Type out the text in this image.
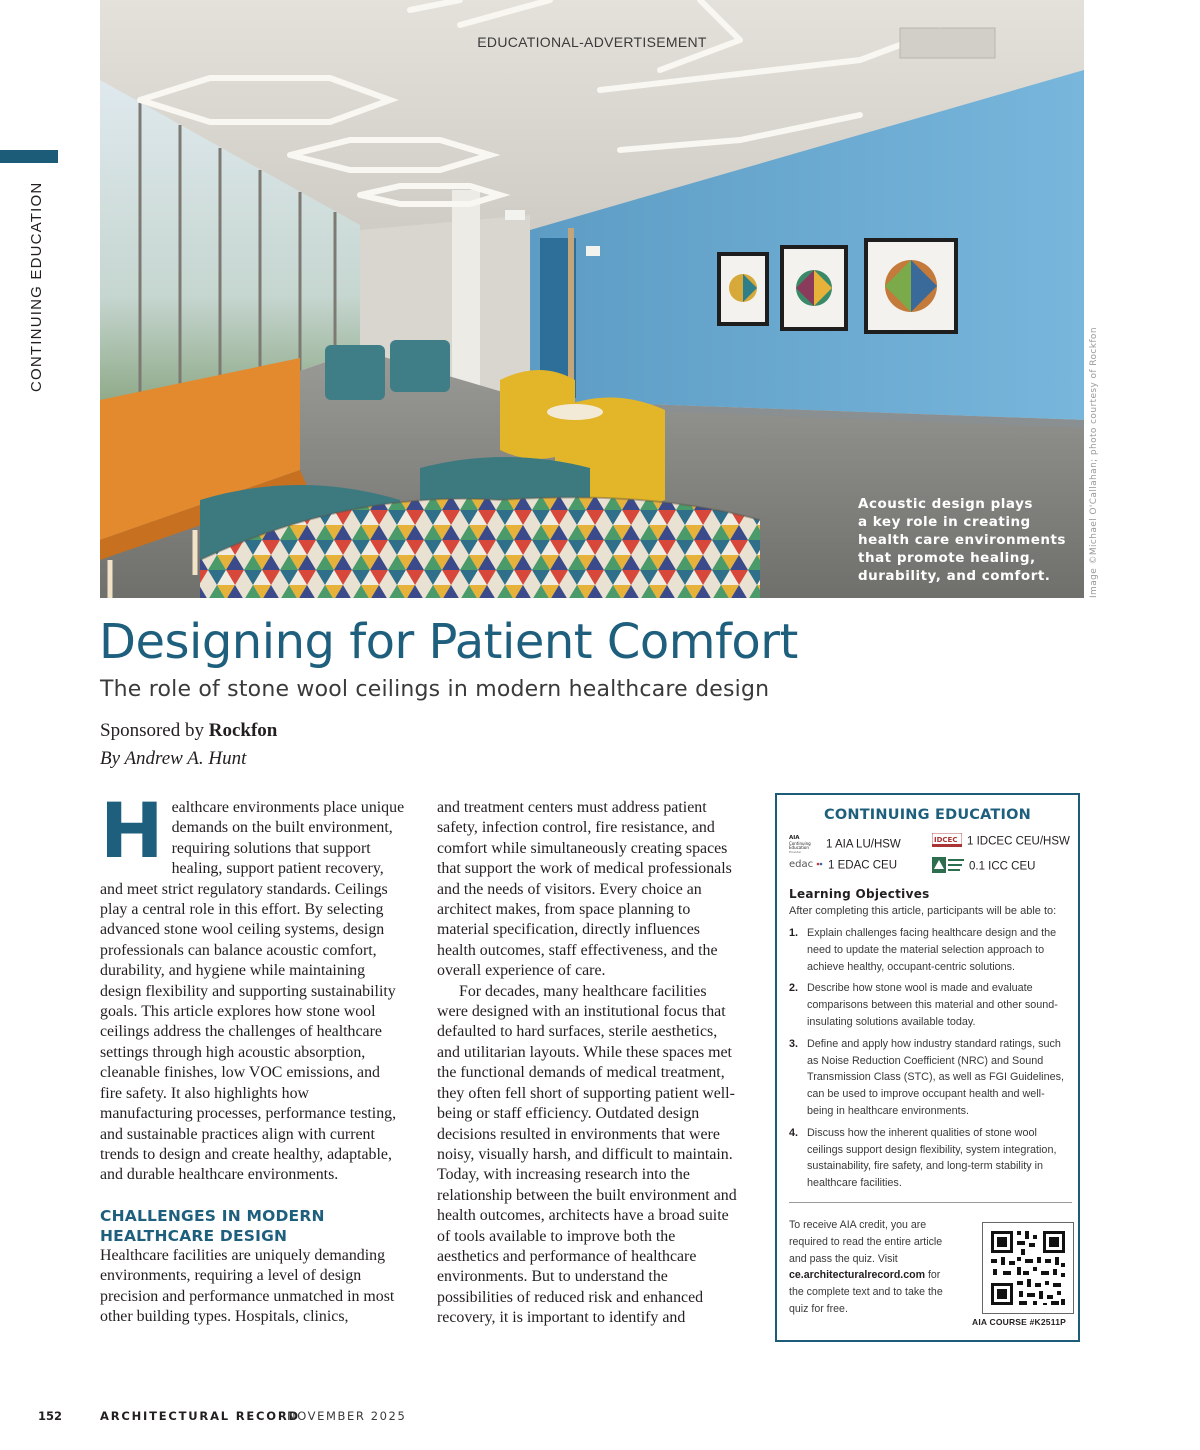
CONTINUING EDUCATION
EDUCATIONAL-ADVERTISEMENT
Acoustic design plays
a key role in creating
health care environments
that promote healing,
durability, and comfort.	Image ©Michael O'Callahan; photo courtesy of Rockfon
Designing for Patient Comfort
The role of stone wool ceilings in modern healthcare design
Sponsored by Rockfon
By Andrew A. Hunt

Healthcare environments place unique demands on the built environment, requiring solutions that support healing, support patient recovery, and meet strict regulatory standards. Ceilings play a central role in this effort. By selecting advanced stone wool ceiling systems, design professionals can balance acoustic comfort, durability, and hygiene while maintaining design flexibility and supporting sustainability goals. This article explores how stone wool ceilings address the challenges of healthcare settings through high acoustic absorption, cleanable finishes, low VOC emissions, and fire safety. It also highlights how manufacturing processes, performance testing, and sustainable practices align with current trends to design and create healthy, adaptable, and durable healthcare environments.

CHALLENGES IN MODERN HEALTHCARE DESIGN

Healthcare facilities are uniquely demanding environments, requiring a level of design precision and performance unmatched in most other building types. Hospitals, clinics,

and treatment centers must address patient safety, infection control, fire resistance, and comfort while simultaneously creating spaces that support the work of medical professionals and the needs of visitors. Every choice an architect makes, from space planning to material specification, directly influences health outcomes, staff effectiveness, and the overall experience of care.

For decades, many healthcare facilities were designed with an institutional focus that defaulted to hard surfaces, sterile aesthetics, and utilitarian layouts. While these spaces met the functional demands of medical treatment, they often fell short of supporting patient well-being or staff efficiency. Outdated design decisions resulted in environments that were noisy, visually harsh, and difficult to maintain. Today, with increasing research into the relationship between the built environment and health outcomes, architects have a broad suite of tools available to improve both the aesthetics and performance of healthcare environments. But to understand the possibilities of reduced risk and enhanced recovery, it is important to identify and

CONTINUING EDUCATION
AIA
Continuing
Education
Provider
1 AIA LU/HSW	IDCEC 1 IDCEC CEU/HSW
edac 1 EDAC CEU	0.1 ICC CEU
Learning Objectives
After completing this article, participants will be able to:
1. Explain challenges facing healthcare design and the need to update the material selection approach to achieve healthy, occupant-centric solutions.
2. Describe how stone wool is made and evaluate comparisons between this material and other sound-insulating solutions available today.
3. Define and apply how industry standard ratings, such as Noise Reduction Coefficient (NRC) and Sound Transmission Class (STC), as well as FGI Guidelines, can be used to improve occupant health and well-being in healthcare environments.
4. Discuss how the inherent qualities of stone wool ceilings support design flexibility, system integration, sustainability, fire safety, and long-term stability in healthcare facilities.
To receive AIA credit, you are required to read the entire article and pass the quiz. Visit ce.architecturalrecord.com for the complete text and to take the quiz for free.
AIA COURSE #K2511P
152	ARCHITECTURAL RECORD
NOVEMBER 2025
